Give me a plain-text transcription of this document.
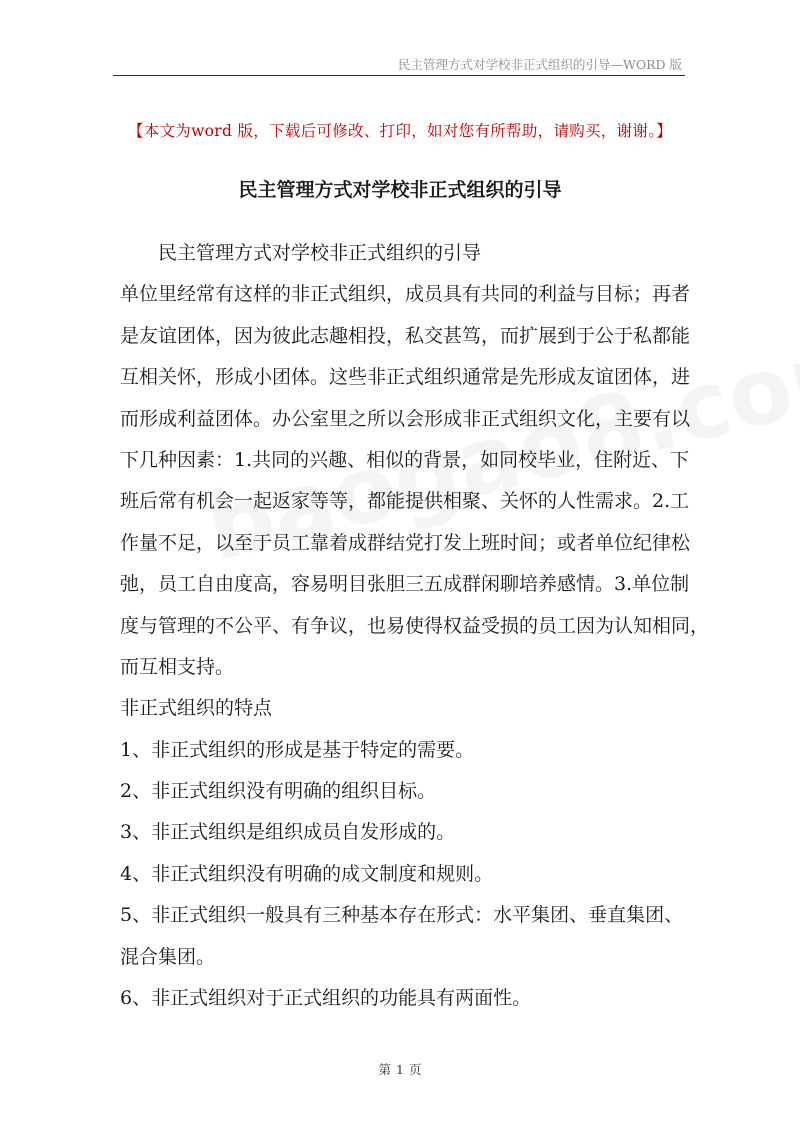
民主管理方式对学校非正式组织的引导—WORD 版
【本文为word 版，下载后可修改、打印，如对您有所帮助，请购买，谢谢。】
民主管理方式对学校非正式组织的引导
民主管理方式对学校非正式组织的引导
单位里经常有这样的非正式组织，成员具有共同的利益与目标；再者
是友谊团体，因为彼此志趣相投，私交甚笃，而扩展到于公于私都能
互相关怀，形成小团体。这些非正式组织通常是先形成友谊团体，进
而形成利益团体。办公室里之所以会形成非正式组织文化，主要有以
下几种因素：1.共同的兴趣、相似的背景，如同校毕业，住附近、下
班后常有机会一起返家等等，都能提供相聚、关怀的人性需求。2.工
作量不足，以至于员工靠着成群结党打发上班时间；或者单位纪律松
弛，员工自由度高，容易明目张胆三五成群闲聊培养感情。3.单位制
度与管理的不公平、有争议，也易使得权益受损的员工因为认知相同，
而互相支持。
非正式组织的特点
1、非正式组织的形成是基于特定的需要。
2、非正式组织没有明确的组织目标。
3、非正式组织是组织成员自发形成的。
4、非正式组织没有明确的成文制度和规则。
5、非正式组织一般具有三种基本存在形式：水平集团、垂直集团、
混合集团。
6、非正式组织对于正式组织的功能具有两面性。
第 1 页
